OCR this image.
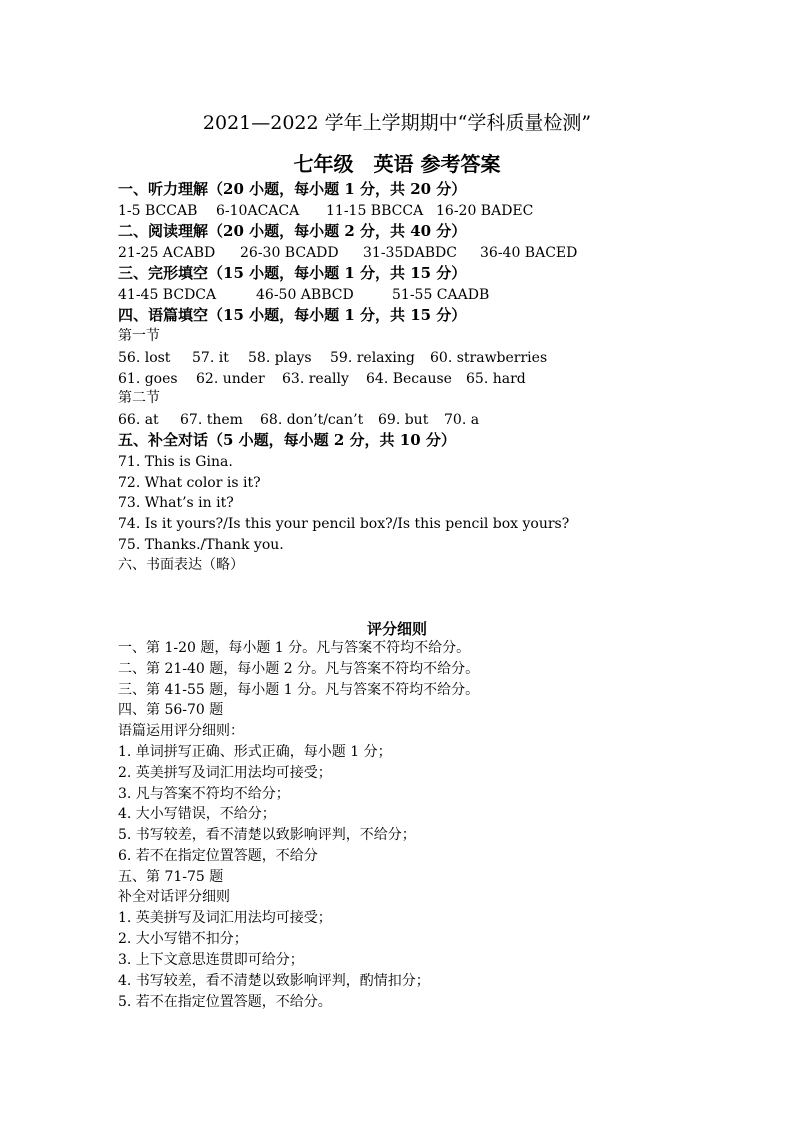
2021—2022 学年上学期期中“学科质量检测”
七年级　英语 参考答案
一、听力理解（20 小题，每小题 1 分，共 20 分）
1-5 BCCAB 6-10ACACA 11-15 BBCCA 16-20 BADEC
二、阅读理解（20 小题，每小题 2 分，共 40 分）
21-25 ACABD 26-30 BCADD 31-35DABDC 36-40 BACED
三、完形填空（15 小题，每小题 1 分，共 15 分）
41-45 BCDCA	46-50 ABBCD	51-55 CAADB
四、语篇填空（15 小题，每小题 1 分，共 15 分）
第一节
56. lost 57. it 58. plays 59. relaxing 60. strawberries
61. goes 62. under 63. really 64. Because 65. hard
第二节
66. at 67. them 68. don’t/can’t 69. but 70. a
五、补全对话（5 小题，每小题 2 分，共 10 分）
71. This is Gina.
72. What color is it?
73. What’s in it?
74. Is it yours?/Is this your pencil box?/Is this pencil box yours?
75. Thanks./Thank you.
六、书面表达（略）
评分细则
一、第 1-20 题，每小题 1 分。凡与答案不符均不给分。
二、第 21-40 题，每小题 2 分。凡与答案不符均不给分。
三、第 41-55 题，每小题 1 分。凡与答案不符均不给分。
四、第 56-70 题
语篇运用评分细则：
1. 单词拼写正确、形式正确，每小题 1 分；
2. 英美拼写及词汇用法均可接受；
3. 凡与答案不符均不给分；
4. 大小写错误，不给分；
5. 书写较差，看不清楚以致影响评判，不给分；
6. 若不在指定位置答题，不给分
五、第 71-75 题
补全对话评分细则
1. 英美拼写及词汇用法均可接受；
2. 大小写错不扣分；
3. 上下文意思连贯即可给分；
4. 书写较差，看不清楚以致影响评判，酌情扣分；
5. 若不在指定位置答题，不给分。
